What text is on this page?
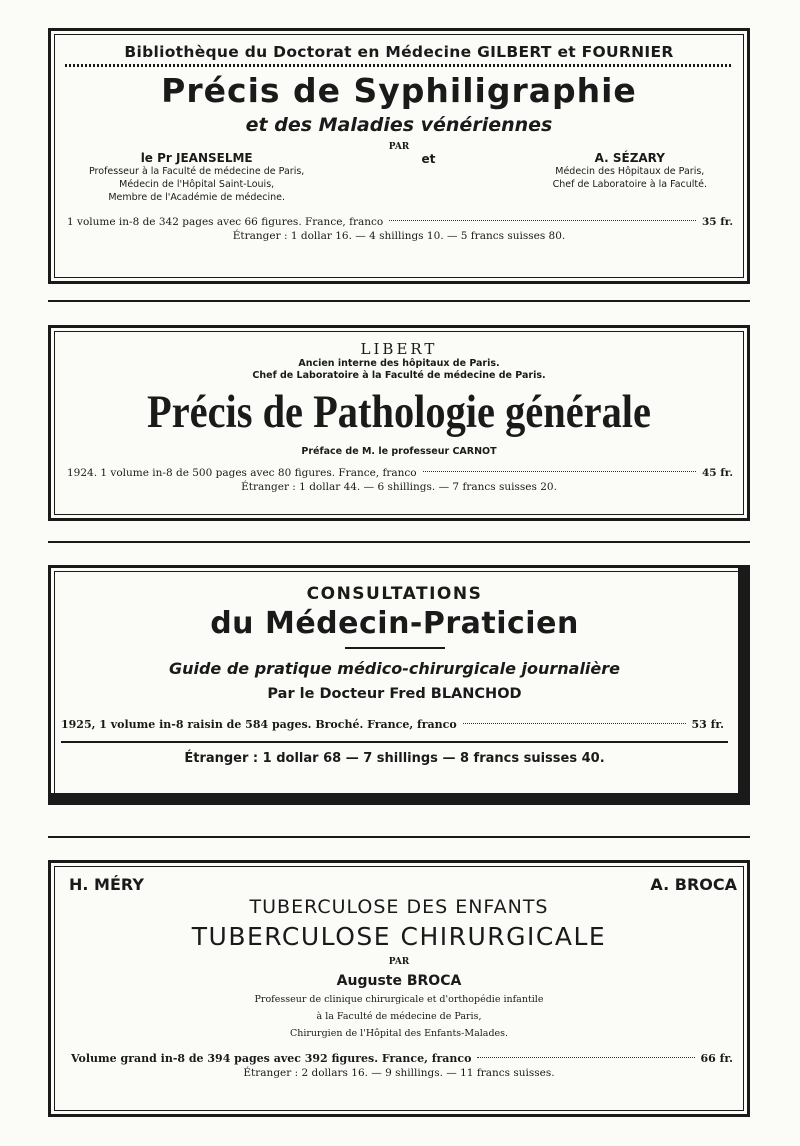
Bibliothèque du Doctorat en Médecine GILBERT et FOURNIER
Précis de Syphiligraphie
et des Maladies vénériennes
PAR
le Pr JEANSELME
Professeur à la Faculté de médecine de Paris,
Médecin de l'Hôpital Saint-Louis,
Membre de l'Académie de médecine.
et	A. SÉZARY
Médecin des Hôpitaux de Paris,
Chef de Laboratoire à la Faculté.
1 volume in-8 de 342 pages avec 66 figures. France, franco	35 fr.
Étranger : 1 dollar 16. — 4 shillings 10. — 5 francs suisses 80.
LIBERT
Ancien interne des hôpitaux de Paris.
Chef de Laboratoire à la Faculté de médecine de Paris.
Précis de Pathologie générale
Préface de M. le professeur CARNOT
1924. 1 volume in-8 de 500 pages avec 80 figures. France, franco	45 fr.
Étranger : 1 dollar 44. — 6 shillings. — 7 francs suisses 20.
CONSULTATIONS
du Médecin-Praticien
Guide de pratique médico-chirurgicale journalière
Par le Docteur Fred BLANCHOD
1925, 1 volume in-8 raisin de 584 pages. Broché. France, franco	53 fr.
Étranger : 1 dollar 68 — 7 shillings — 8 francs suisses 40.
H. MÉRY	A. BROCA
TUBERCULOSE DES ENFANTS
TUBERCULOSE CHIRURGICALE
PAR
Auguste BROCA
Professeur de clinique chirurgicale et d'orthopédie infantile
à la Faculté de médecine de Paris,
Chirurgien de l'Hôpital des Enfants-Malades.
Volume grand in-8 de 394 pages avec 392 figures. France, franco	66 fr.
Étranger : 2 dollars 16. — 9 shillings. — 11 francs suisses.
